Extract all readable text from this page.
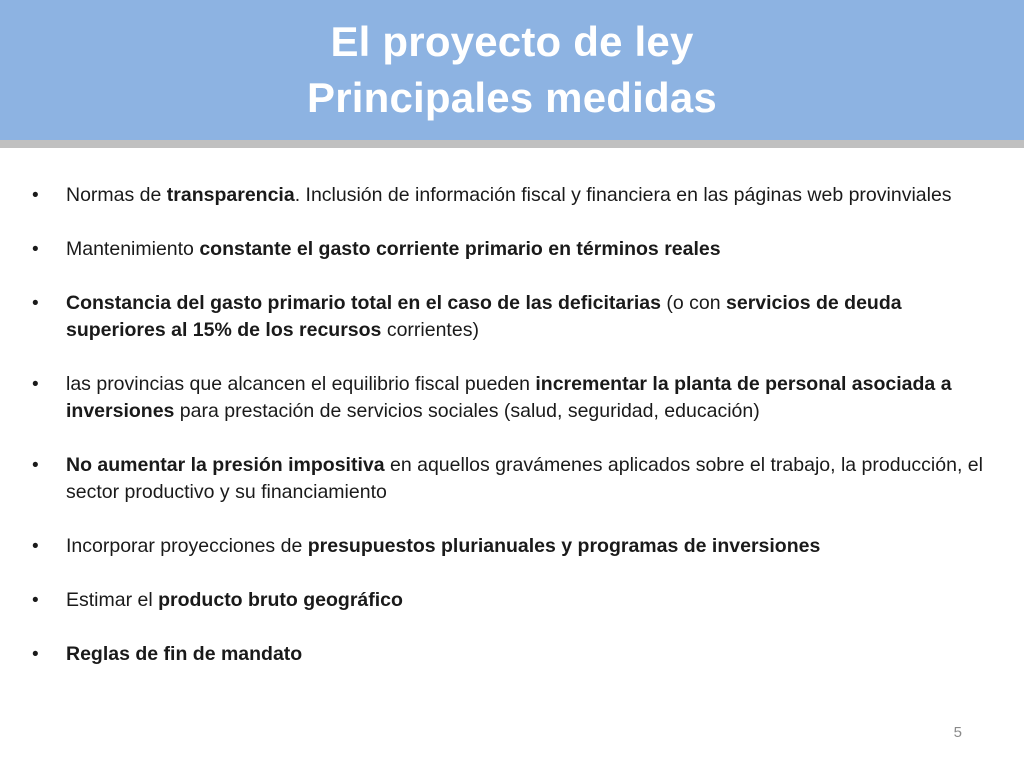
El proyecto de ley
Principales medidas
• Normas de transparencia. Inclusión de información fiscal y financiera en las páginas web provinviales
• Mantenimiento constante el gasto corriente primario en términos reales
• Constancia del gasto primario total en el caso de las deficitarias (o con servicios de deuda superiores al 15% de los recursos corrientes)
• las provincias que alcancen el equilibrio fiscal pueden incrementar la planta de personal asociada a inversiones para prestación de servicios sociales (salud, seguridad, educación)
• No aumentar la presión impositiva en aquellos gravámenes aplicados sobre el trabajo, la producción, el sector productivo y su financiamiento
• Incorporar proyecciones de presupuestos plurianuales y programas de inversiones
• Estimar el producto bruto geográfico
• Reglas de fin de mandato
5
